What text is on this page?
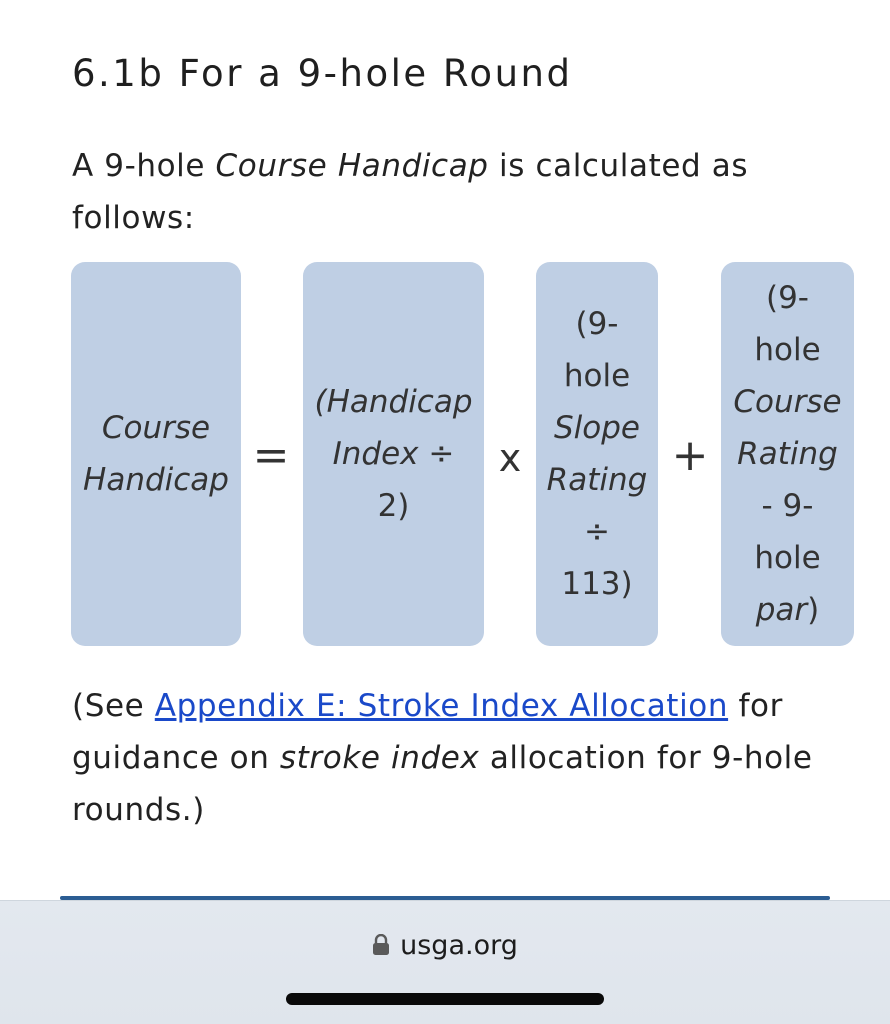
6.1b For a 9-hole Round

A 9-hole Course Handicap is calculated as follows:

Course
Handicap =
(Handicap
Index ÷
2)
x
(9-
hole
Slope
Rating
÷
113)
+
(9-
hole
Course
Rating
- 9-
hole
par)

(See Appendix E: Stroke Index Allocation for guidance on stroke index allocation for 9-hole rounds.)

usga.org
